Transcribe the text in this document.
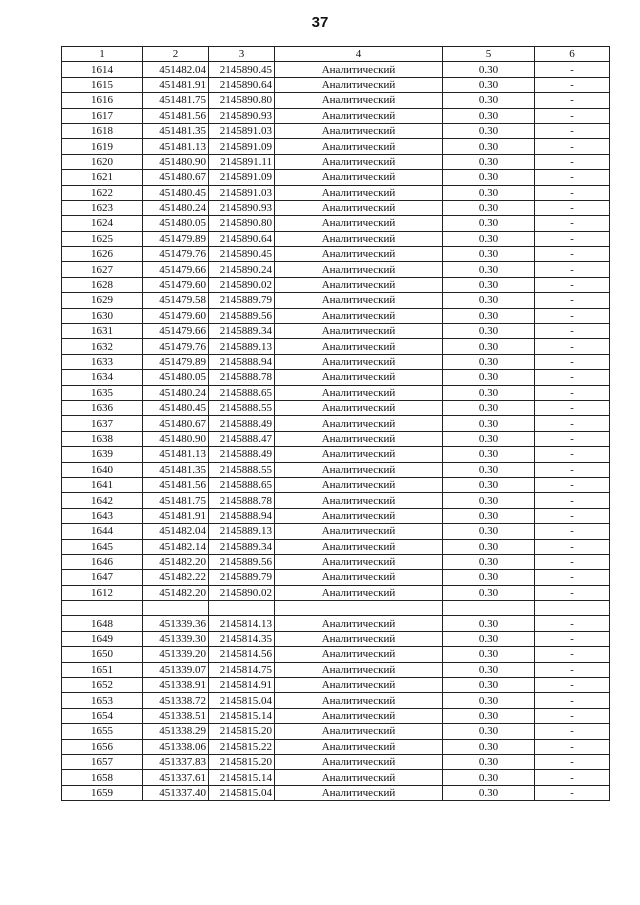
37
1	2	3	4	5	6
1614	451482.04	2145890.45	Аналитический	0.30	-
1615	451481.91	2145890.64	Аналитический	0.30	-
1616	451481.75	2145890.80	Аналитический	0.30	-
1617	451481.56	2145890.93	Аналитический	0.30	-
1618	451481.35	2145891.03	Аналитический	0.30	-
1619	451481.13	2145891.09	Аналитический	0.30	-
1620	451480.90	2145891.11	Аналитический	0.30	-
1621	451480.67	2145891.09	Аналитический	0.30	-
1622	451480.45	2145891.03	Аналитический	0.30	-
1623	451480.24	2145890.93	Аналитический	0.30	-
1624	451480.05	2145890.80	Аналитический	0.30	-
1625	451479.89	2145890.64	Аналитический	0.30	-
1626	451479.76	2145890.45	Аналитический	0.30	-
1627	451479.66	2145890.24	Аналитический	0.30	-
1628	451479.60	2145890.02	Аналитический	0.30	-
1629	451479.58	2145889.79	Аналитический	0.30	-
1630	451479.60	2145889.56	Аналитический	0.30	-
1631	451479.66	2145889.34	Аналитический	0.30	-
1632	451479.76	2145889.13	Аналитический	0.30	-
1633	451479.89	2145888.94	Аналитический	0.30	-
1634	451480.05	2145888.78	Аналитический	0.30	-
1635	451480.24	2145888.65	Аналитический	0.30	-
1636	451480.45	2145888.55	Аналитический	0.30	-
1637	451480.67	2145888.49	Аналитический	0.30	-
1638	451480.90	2145888.47	Аналитический	0.30	-
1639	451481.13	2145888.49	Аналитический	0.30	-
1640	451481.35	2145888.55	Аналитический	0.30	-
1641	451481.56	2145888.65	Аналитический	0.30	-
1642	451481.75	2145888.78	Аналитический	0.30	-
1643	451481.91	2145888.94	Аналитический	0.30	-
1644	451482.04	2145889.13	Аналитический	0.30	-
1645	451482.14	2145889.34	Аналитический	0.30	-
1646	451482.20	2145889.56	Аналитический	0.30	-
1647	451482.22	2145889.79	Аналитический	0.30	-
1612	451482.20	2145890.02	Аналитический	0.30	-

1648	451339.36	2145814.13	Аналитический	0.30	-
1649	451339.30	2145814.35	Аналитический	0.30	-
1650	451339.20	2145814.56	Аналитический	0.30	-
1651	451339.07	2145814.75	Аналитический	0.30	-
1652	451338.91	2145814.91	Аналитический	0.30	-
1653	451338.72	2145815.04	Аналитический	0.30	-
1654	451338.51	2145815.14	Аналитический	0.30	-
1655	451338.29	2145815.20	Аналитический	0.30	-
1656	451338.06	2145815.22	Аналитический	0.30	-
1657	451337.83	2145815.20	Аналитический	0.30	-
1658	451337.61	2145815.14	Аналитический	0.30	-
1659	451337.40	2145815.04	Аналитический	0.30	-
